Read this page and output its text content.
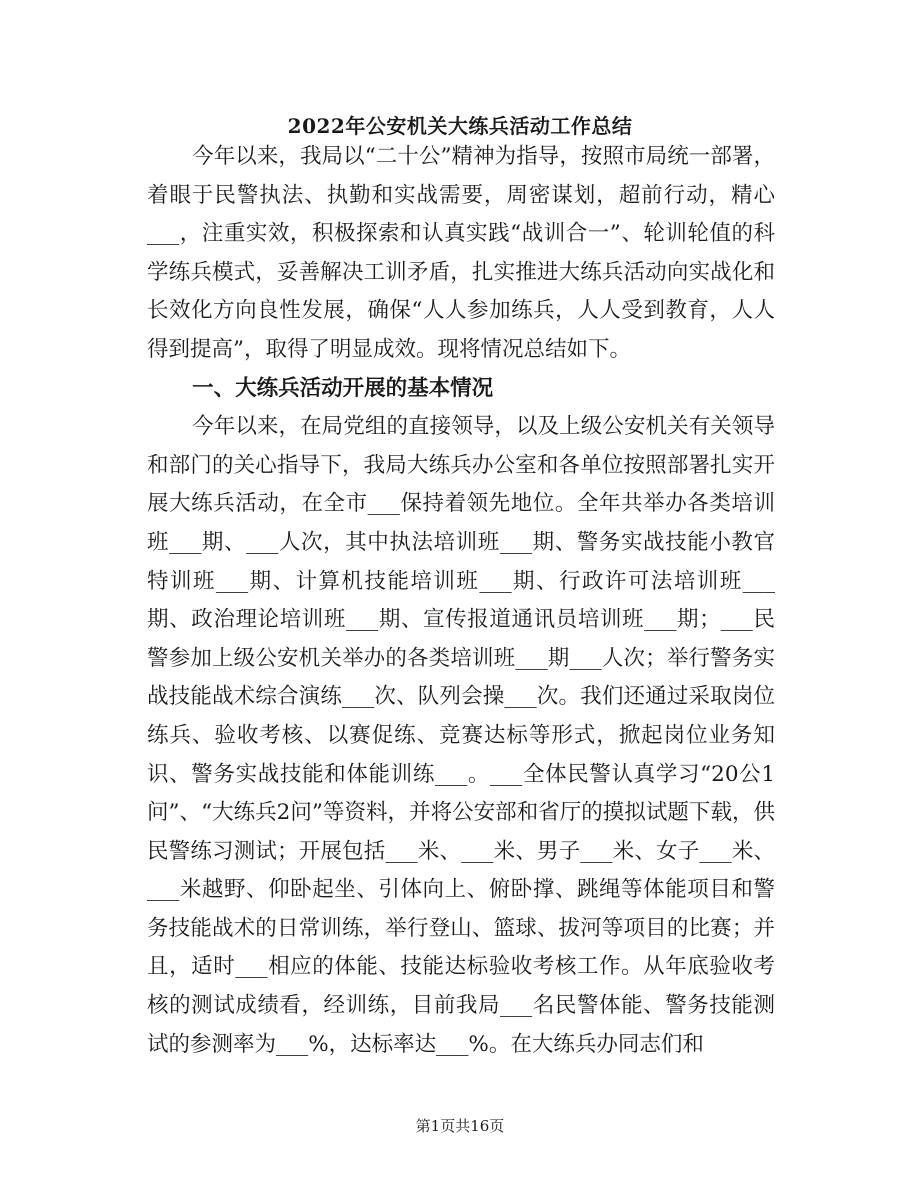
2022年公安机关大练兵活动工作总结

今年以来，我局以“二十公”精神为指导，按照市局统一部署，着眼于民警执法、执勤和实战需要，周密谋划，超前行动，精心___，注重实效，积极探索和认真实践“战训合一”、轮训轮值的科学练兵模式，妥善解决工训矛盾，扎实推进大练兵活动向实战化和长效化方向良性发展，确保“人人参加练兵，人人受到教育，人人得到提高”，取得了明显成效。现将情况总结如下。

一、大练兵活动开展的基本情况

今年以来，在局党组的直接领导，以及上级公安机关有关领导和部门的关心指导下，我局大练兵办公室和各单位按照部署扎实开展大练兵活动，在全市___保持着领先地位。全年共举办各类培训班___期、___人次，其中执法培训班___期、警务实战技能小教官特训班___期、计算机技能培训班___期、行政许可法培训班___期、政治理论培训班___期、宣传报道通讯员培训班___期；___民警参加上级公安机关举办的各类培训班___期___人次；举行警务实战技能战术综合演练___次、队列会操___次。我们还通过采取岗位练兵、验收考核、以赛促练、竞赛达标等形式，掀起岗位业务知识、警务实战技能和体能训练___。___全体民警认真学习“20公1问”、“大练兵2问”等资料，并将公安部和省厅的摸拟试题下载，供民警练习测试；开展包括___米、___米、男子___米、女子___米、___米越野、仰卧起坐、引体向上、俯卧撑、跳绳等体能项目和警务技能战术的日常训练，举行登山、篮球、拔河等项目的比赛；并且，适时___相应的体能、技能达标验收考核工作。从年底验收考核的测试成绩看，经训练，目前我局___名民警体能、警务技能测试的参测率为___%，达标率达___%。在大练兵办同志们和

第1页共16页
